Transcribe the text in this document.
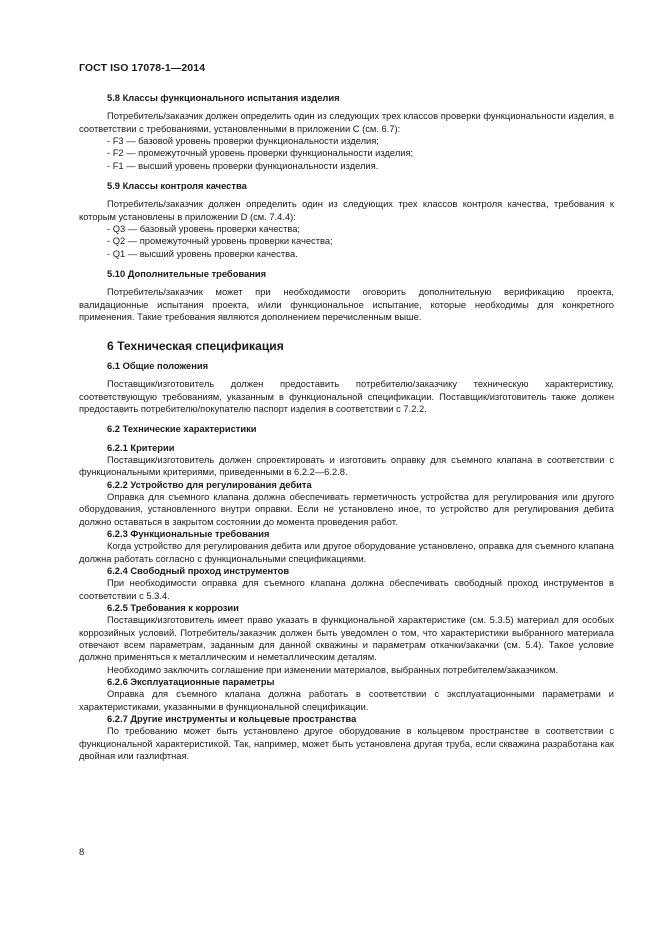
ГОСТ ISO 17078-1—2014
5.8 Классы функционального испытания изделия

Потребитель/заказчик должен определить один из следующих трех классов проверки функциональности изделия, в соответствии с требованиями, установленными в приложении C (см. 6.7):

- F3 — базовой уровень проверки функциональности изделия;
- F2 — промежуточный уровень проверки функциональности изделия;
- F1 — высший уровень проверки функциональности изделия.
5.9 Классы контроля качества

Потребитель/заказчик должен определить один из следующих трех классов контроля качества, требования к которым установлены в приложении D (см. 7.4.4):

- Q3 — базовый уровень проверки качества;
- Q2 — промежуточный уровень проверки качества;
- Q1 — высший уровень проверки качества.
5.10 Дополнительные требования

Потребитель/заказчик может при необходимости оговорить дополнительную верификацию проекта, валидационные испытания проекта, и/или функциональное испытание, которые необходимы для конкретного применения. Такие требования являются дополнением перечисленным выше.

6 Техническая спецификация
6.1 Общие положения

Поставщик/изготовитель должен предоставить потребителю/заказчику техническую характеристику, соответствующую требованиям, указанным в функциональной спецификации. Поставщик/изготовитель также должен предоставить потребителю/покупателю паспорт изделия в соответствии с 7.2.2.

6.2 Технические характеристики
6.2.1 Критерии

Поставщик/изготовитель должен спроектировать и изготовить оправку для съемного клапана в соответствии с функциональными критериями, приведенными в 6.2.2—6.2.8.

6.2.2 Устройство для регулирования дебита

Оправка для съемного клапана должна обеспечивать герметичность устройства для регулирования или другого оборудования, установленного внутри оправки. Если не установлено иное, то устройство для регулирования дебита должно оставаться в закрытом состоянии до момента проведения работ.

6.2.3 Функциональные требования

Когда устройство для регулирования дебита или другое оборудование установлено, оправка для съемного клапана должна работать согласно с функциональными спецификациями.

6.2.4 Свободный проход инструментов

При необходимости оправка для съемного клапана должна обеспечивать свободный проход инструментов в соответствии с 5.3.4.

6.2.5 Требования к коррозии

Поставщик/изготовитель имеет право указать в функциональной характеристике (см. 5.3.5) материал для особых коррозийных условий. Потребитель/заказчик должен быть уведомлен о том, что характеристики выбранного материала отвечают всем параметрам, заданным для данной скважины и параметрам откачки/закачки (см. 5.4). Такое условие должно применяться к металлическим и неметаллическим деталям.

Необходимо заключить соглашение при изменении материалов, выбранных потребителем/заказчиком.

6.2.6 Эксплуатационные параметры

Оправка для съемного клапана должна работать в соответствии с эксплуатационными параметрами и характеристиками, указанными в функциональной спецификации.

6.2.7 Другие инструменты и кольцевые пространства

По требованию может быть установлено другое оборудование в кольцевом пространстве в соответствии с функциональной характеристикой. Так, например, может быть установлена другая труба, если скважина разработана как двойная или газлифтная.

8
